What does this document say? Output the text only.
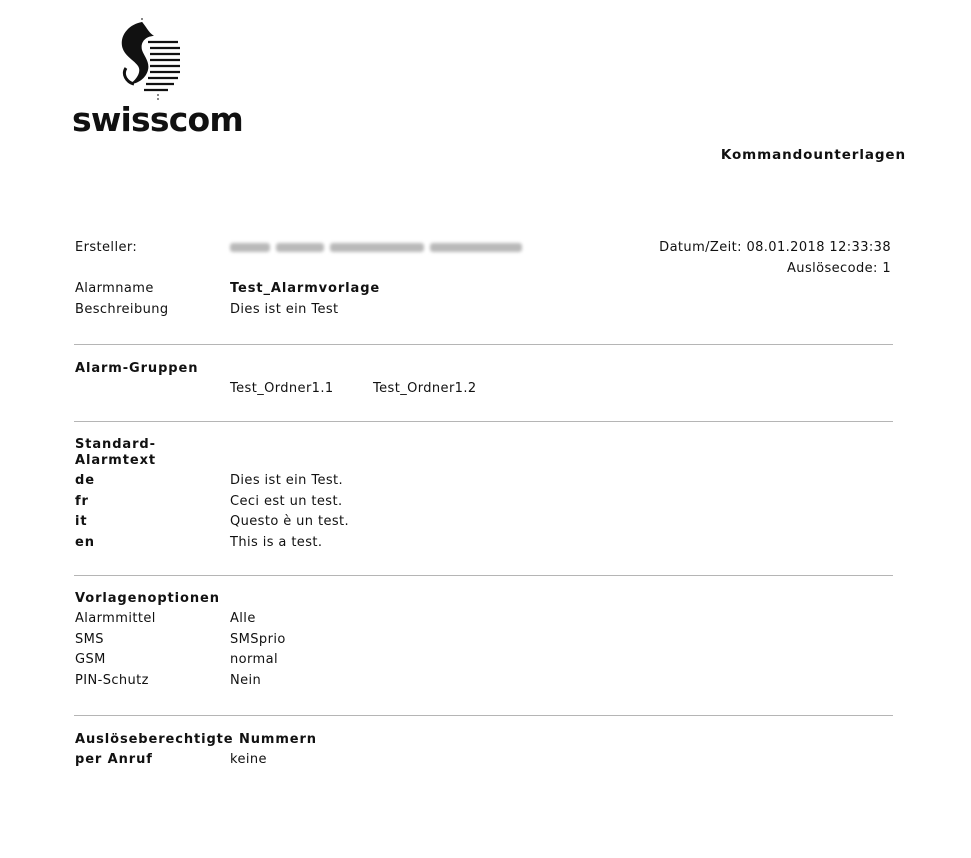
swisscom
Kommandounterlagen
Ersteller:	Datum/Zeit: 08.01.2018 12:33:38
Auslösecode: 1
Alarmname	Test_Alarmvorlage
Beschreibung	Dies ist ein Test
Alarm-Gruppen
Test_Ordner1.1	Test_Ordner1.2
Standard-
Alarmtext
de	Dies ist ein Test.
fr	Ceci est un test.
it	Questo è un test.
en	This is a test.
Vorlagenoptionen
Alarmmittel	Alle
SMS	SMSprio
GSM	normal
PIN-Schutz	Nein
Auslöseberechtigte Nummern
per Anruf	keine
